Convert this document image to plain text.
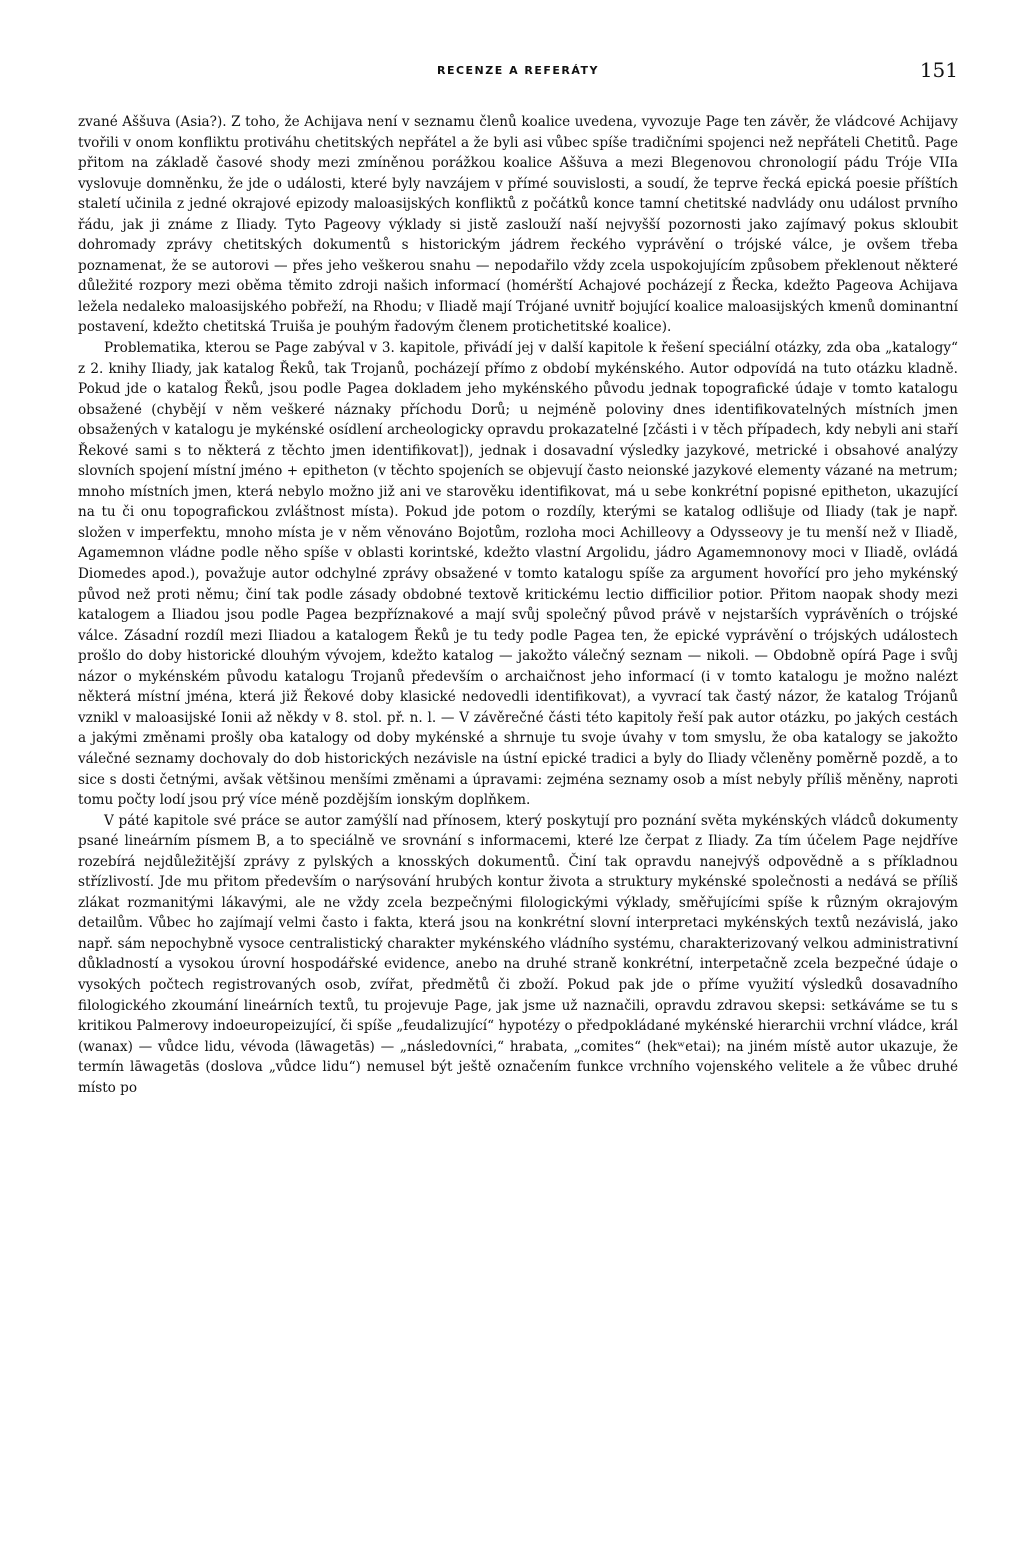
RECENZE A REFERÁTY	151

zvané Aššuva (Asia?). Z toho, že Achijava není v seznamu členů koalice uvedena, vyvozuje Page ten závěr, že vládcové Achijavy tvořili v onom konfliktu protiváhu chetitských nepřátel a že byli asi vůbec spíše tradičními spojenci než nepřáteli Chetitů. Page přitom na základě časové shody mezi zmíněnou porážkou koalice Aššuva a mezi Blegenovou chronologií pádu Tróje VIIa vyslovuje domněnku, že jde o události, které byly navzájem v přímé souvislosti, a soudí, že teprve řecká epická poesie příštích staletí učinila z jedné okrajové epizody maloasijských konfliktů z počátků konce tamní chetitské nadvlády onu událost prvního řádu, jak ji známe z Iliady. Tyto Pageovy výklady si jistě zaslouží naší nejvyšší pozornosti jako zajímavý pokus skloubit dohromady zprávy chetitských dokumentů s historickým jádrem řeckého vyprávění o trójské válce, je ovšem třeba poznamenat, že se autorovi — přes jeho veškerou snahu — nepodařilo vždy zcela uspokojujícím způsobem překlenout některé důležité rozpory mezi oběma těmito zdroji našich informací (homérští Achajové pocházejí z Řecka, kdežto Pageova Achijava ležela nedaleko maloasijského pobřeží, na Rhodu; v Iliadě mají Trójané uvnitř bojující koalice maloasijských kmenů dominantní postavení, kdežto chetitská Truiša je pouhým řadovým členem protichetitské koalice).

Problematika, kterou se Page zabýval v 3. kapitole, přivádí jej v další kapitole k řešení speciální otázky, zda oba „katalogy“ z 2. knihy Iliady, jak katalog Řeků, tak Trojanů, pocházejí přímo z období mykénského. Autor odpovídá na tuto otázku kladně. Pokud jde o katalog Řeků, jsou podle Pagea dokladem jeho mykénského původu jednak topografické údaje v tomto katalogu obsažené (chybějí v něm veškeré náznaky příchodu Dorů; u nejméně poloviny dnes identifikovatelných místních jmen obsažených v katalogu je mykénské osídlení archeologicky opravdu prokazatelné [zčásti i v těch případech, kdy nebyli ani staří Řekové sami s to některá z těchto jmen identifikovat]), jednak i dosavadní výsledky jazykové, metrické i obsahové analýzy slovních spojení místní jméno + epitheton (v těchto spojeních se objevují často neionské jazykové elementy vázané na metrum; mnoho místních jmen, která nebylo možno již ani ve starověku identifikovat, má u sebe konkrétní popisné epitheton, ukazující na tu či onu topografickou zvláštnost místa). Pokud jde potom o rozdíly, kterými se katalog odlišuje od Iliady (tak je např. složen v imperfektu, mnoho místa je v něm věnováno Bojotům, rozloha moci Achilleovy a Odysseovy je tu menší než v Iliadě, Agamemnon vládne podle něho spíše v oblasti korintské, kdežto vlastní Argolidu, jádro Agamemnonovy moci v Iliadě, ovládá Diomedes apod.), považuje autor odchylné zprávy obsažené v tomto katalogu spíše za argument hovořící pro jeho mykénský původ než proti němu; činí tak podle zásady obdobné textově kritickému lectio difficilior potior. Přitom naopak shody mezi katalogem a Iliadou jsou podle Pagea bezpříznakové a mají svůj společný původ právě v nejstarších vyprávěních o trójské válce. Zásadní rozdíl mezi Iliadou a katalogem Řeků je tu tedy podle Pagea ten, že epické vyprávění o trójských událostech prošlo do doby historické dlouhým vývojem, kdežto katalog — jakožto válečný seznam — nikoli. — Obdobně opírá Page i svůj názor o mykénském původu katalogu Trojanů především o archaičnost jeho informací (i v tomto katalogu je možno nalézt některá místní jména, která již Řekové doby klasické nedovedli identifikovat), a vyvrací tak častý názor, že katalog Trójanů vznikl v maloasijské Ionii až někdy v 8. stol. př. n. l. — V závěrečné části této kapitoly řeší pak autor otázku, po jakých cestách a jakými změnami prošly oba katalogy od doby mykénské a shrnuje tu svoje úvahy v tom smyslu, že oba katalogy se jakožto válečné seznamy dochovaly do dob historických nezávisle na ústní epické tradici a byly do Iliady včleněny poměrně pozdě, a to sice s dosti četnými, avšak většinou menšími změnami a úpravami: zejména seznamy osob a míst nebyly příliš měněny, naproti tomu počty lodí jsou prý více méně pozdějším ionským doplňkem.

V páté kapitole své práce se autor zamýšlí nad přínosem, který poskytují pro poznání světa mykénských vládců dokumenty psané lineárním písmem B, a to speciálně ve srovnání s informacemi, které lze čerpat z Iliady. Za tím účelem Page nejdříve rozebírá nejdůležitější zprávy z pylských a knosských dokumentů. Činí tak opravdu nanejvýš odpovědně a s příkladnou střízlivostí. Jde mu přitom především o narýsování hrubých kontur života a struktury mykénské společnosti a nedává se příliš zlákat rozmanitými lákavými, ale ne vždy zcela bezpečnými filologickými výklady, směřujícími spíše k různým okrajovým detailům. Vůbec ho zajímají velmi často i fakta, která jsou na konkrétní slovní interpretaci mykénských textů nezávislá, jako např. sám nepochybně vysoce centralistický charakter mykénského vládního systému, charakterizovaný velkou administrativní důkladností a vysokou úrovní hospodářské evidence, anebo na druhé straně konkrétní, interpetačně zcela bezpečné údaje o vysokých počtech registrovaných osob, zvířat, předmětů či zboží. Pokud pak jde o příme využití výsledků dosavadního filologického zkoumání lineárních textů, tu projevuje Page, jak jsme už naznačili, opravdu zdravou skepsi: setkáváme se tu s kritikou Palmerovy indoeuropeizující, či spíše „feudalizující“ hypotézy o předpokládané mykénské hierarchii vrchní vládce, král (wanax) — vůdce lidu, vévoda (lāwagetās) — „následovníci,“ hrabata, „comites“ (hekʷetai); na jiném místě autor ukazuje, že termín lāwagetās (doslova „vůdce lidu“) nemusel být ještě označením funkce vrchního vojenského velitele a že vůbec druhé místo po
